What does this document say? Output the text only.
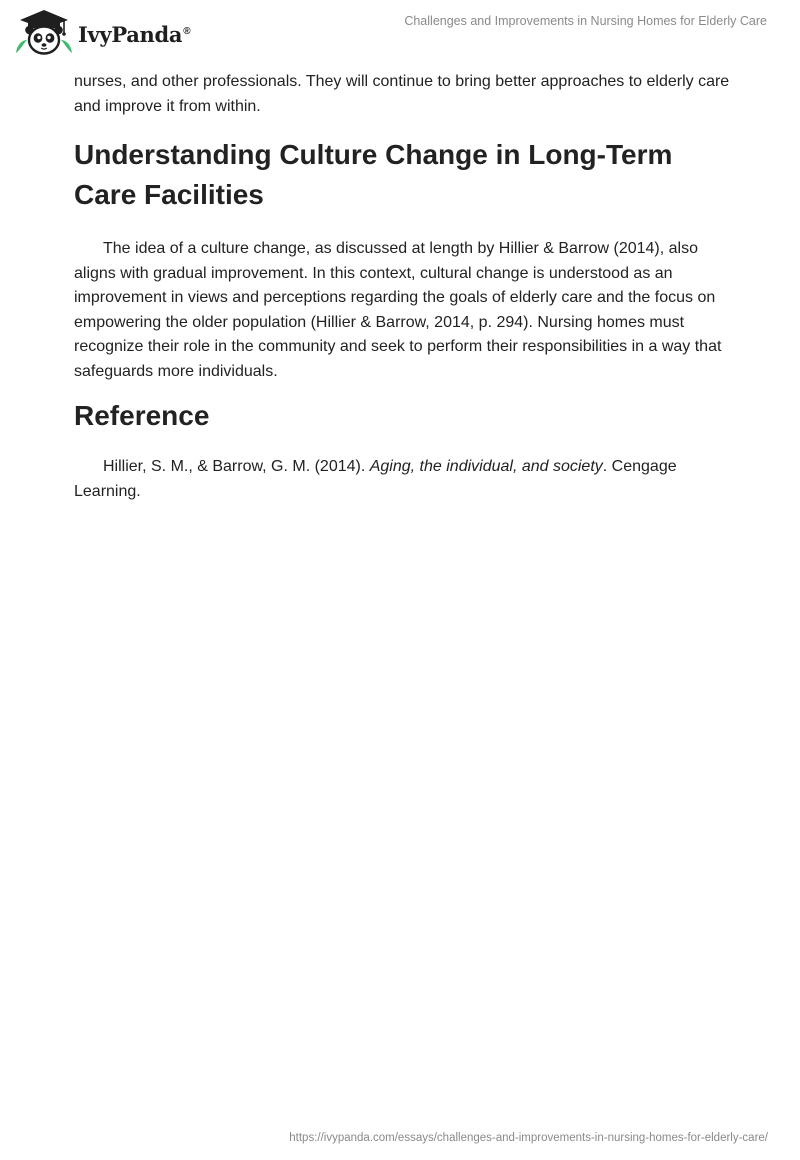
IvyPanda®
Challenges and Improvements in Nursing Homes for Elderly Care

nurses, and other professionals. They will continue to bring better approaches to elderly care and improve it from within.

Understanding Culture Change in Long-Term Care Facilities

The idea of a culture change, as discussed at length by Hillier & Barrow (2014), also aligns with gradual improvement. In this context, cultural change is understood as an improvement in views and perceptions regarding the goals of elderly care and the focus on empowering the older population (Hillier & Barrow, 2014, p. 294). Nursing homes must recognize their role in the community and seek to perform their responsibilities in a way that safeguards more individuals.

Reference

Hillier, S. M., & Barrow, G. M. (2014). Aging, the individual, and society. Cengage Learning.

https://ivypanda.com/essays/challenges-and-improvements-in-nursing-homes-for-elderly-care/
